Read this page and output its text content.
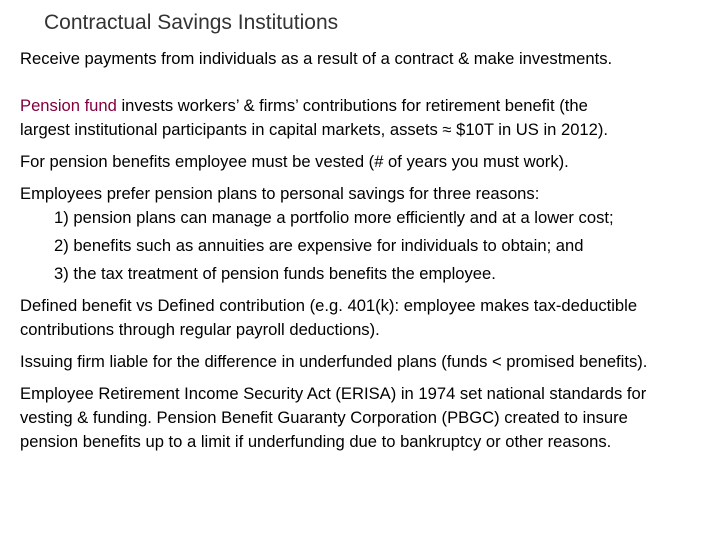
Contractual Savings Institutions

Receive payments from individuals as a result of a contract & make investments.

Pension fund invests workers’ & firms’ contributions for retirement benefit (the
largest institutional participants in capital markets, assets ≈ $10T in US in 2012).

For pension benefits employee must be vested (# of years you must work).

Employees prefer pension plans to personal savings for three reasons:

1) pension plans can manage a portfolio more efficiently and at a lower cost;

2) benefits such as annuities are expensive for individuals to obtain; and

3) the tax treatment of pension funds benefits the employee.

Defined benefit vs Defined contribution (e.g. 401(k): employee makes tax-deductible
contributions through regular payroll deductions).

Issuing firm liable for the difference in underfunded plans (funds < promised benefits).

Employee Retirement Income Security Act (ERISA) in 1974 set national standards for
vesting & funding. Pension Benefit Guaranty Corporation (PBGC) created to insure
pension benefits up to a limit if underfunding due to bankruptcy or other reasons.
